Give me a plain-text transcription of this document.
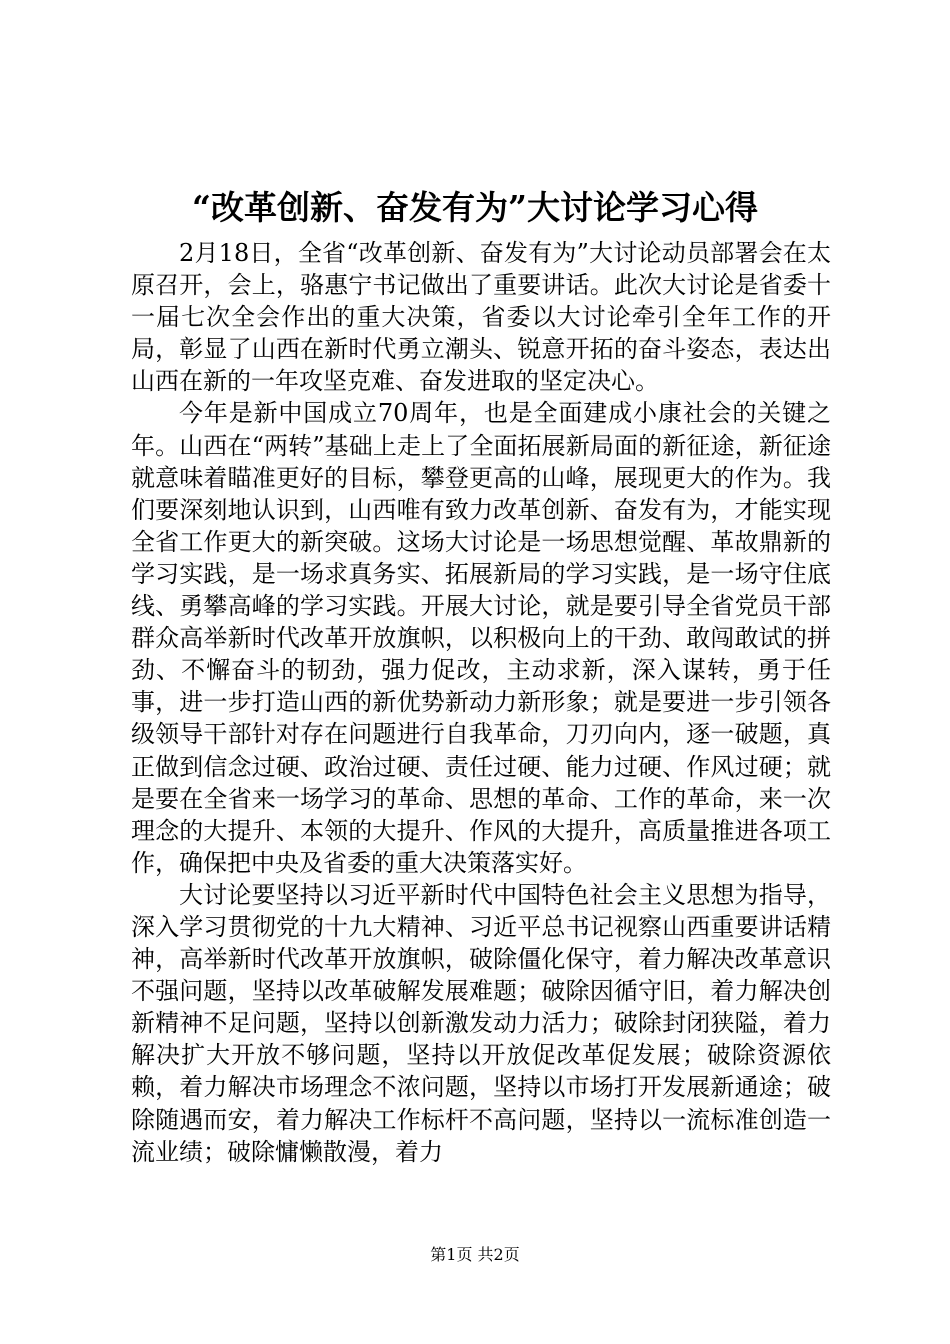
“改革创新、奋发有为”大讨论学习心得

2月18日，全省“改革创新、奋发有为”大讨论动员部署会在太原召开，会上，骆惠宁书记做出了重要讲话。此次大讨论是省委十一届七次全会作出的重大决策，省委以大讨论牵引全年工作的开局，彰显了山西在新时代勇立潮头、锐意开拓的奋斗姿态，表达出山西在新的一年攻坚克难、奋发进取的坚定决心。

今年是新中国成立70周年，也是全面建成小康社会的关键之年。山西在“两转”基础上走上了全面拓展新局面的新征途，新征途就意味着瞄准更好的目标，攀登更高的山峰，展现更大的作为。我们要深刻地认识到，山西唯有致力改革创新、奋发有为，才能实现全省工作更大的新突破。这场大讨论是一场思想觉醒、革故鼎新的学习实践，是一场求真务实、拓展新局的学习实践，是一场守住底线、勇攀高峰的学习实践。开展大讨论，就是要引导全省党员干部群众高举新时代改革开放旗帜，以积极向上的干劲、敢闯敢试的拼劲、不懈奋斗的韧劲，强力促改，主动求新，深入谋转，勇于任事，进一步打造山西的新优势新动力新形象；就是要进一步引领各级领导干部针对存在问题进行自我革命，刀刃向内，逐一破题，真正做到信念过硬、政治过硬、责任过硬、能力过硬、作风过硬；就是要在全省来一场学习的革命、思想的革命、工作的革命，来一次理念的大提升、本领的大提升、作风的大提升，高质量推进各项工作，确保把中央及省委的重大决策落实好。

大讨论要坚持以习近平新时代中国特色社会主义思想为指导，深入学习贯彻党的十九大精神、习近平总书记视察山西重要讲话精神，高举新时代改革开放旗帜，破除僵化保守，着力解决改革意识不强问题，坚持以改革破解发展难题；破除因循守旧，着力解决创新精神不足问题，坚持以创新激发动力活力；破除封闭狭隘，着力解决扩大开放不够问题，坚持以开放促改革促发展；破除资源依赖，着力解决市场理念不浓问题，坚持以市场打开发展新通途；破除随遇而安，着力解决工作标杆不高问题，坚持以一流标准创造一流业绩；破除慵懒散漫，着力

第1页 共2页
